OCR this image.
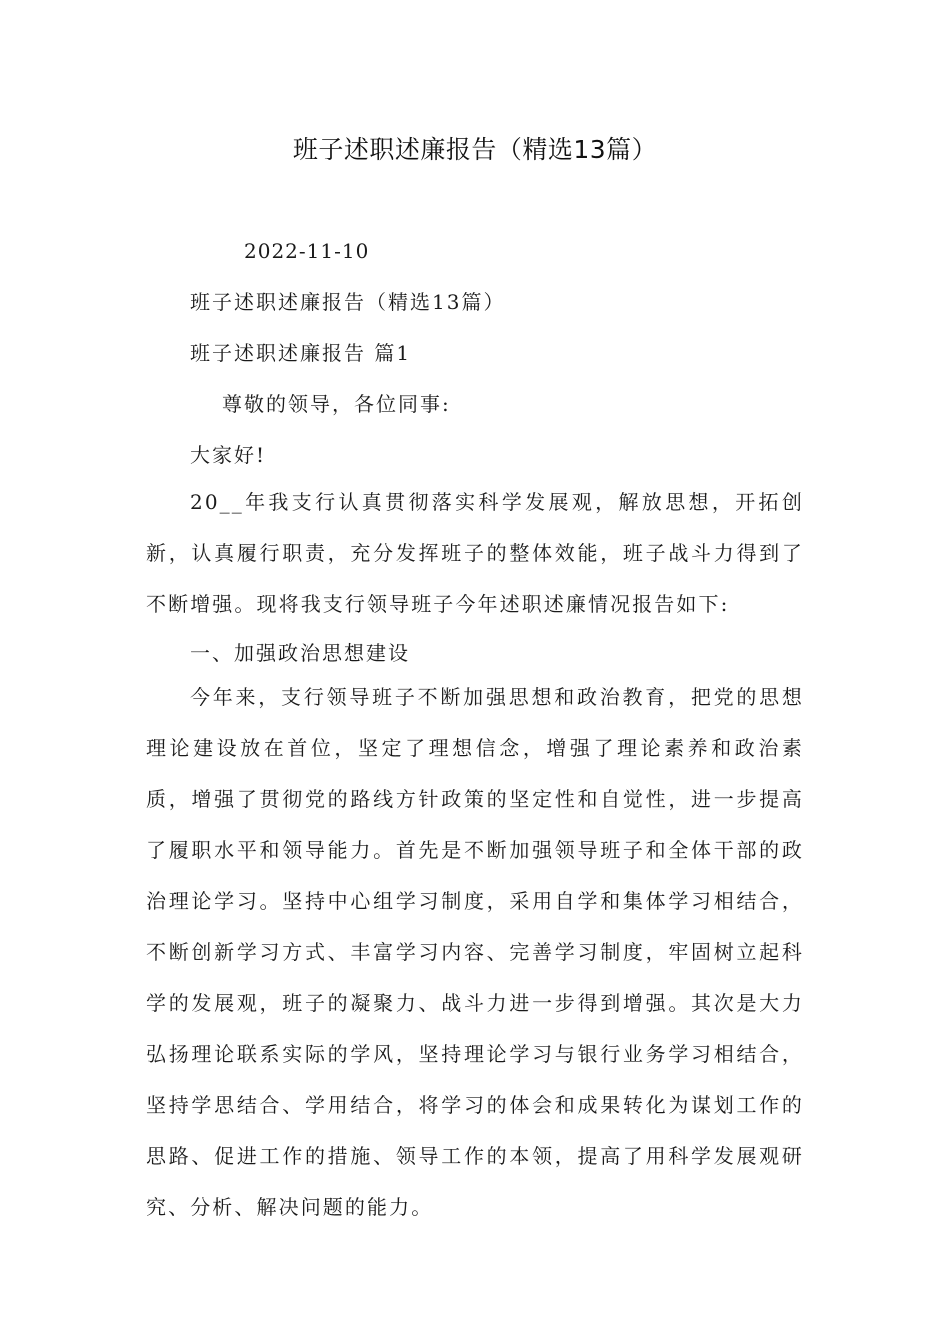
班子述职述廉报告（精选13篇）
2022-11-10
班子述职述廉报告（精选13篇）
班子述职述廉报告 篇1
尊敬的领导，各位同事:
大家好!

20__年我支行认真贯彻落实科学发展观，解放思想，开拓创新，认真履行职责，充分发挥班子的整体效能，班子战斗力得到了不断增强。现将我支行领导班子今年述职述廉情况报告如下:

一、加强政治思想建设

今年来，支行领导班子不断加强思想和政治教育，把党的思想理论建设放在首位，坚定了理想信念，增强了理论素养和政治素质，增强了贯彻党的路线方针政策的坚定性和自觉性，进一步提高了履职水平和领导能力。首先是不断加强领导班子和全体干部的政治理论学习。坚持中心组学习制度，采用自学和集体学习相结合，不断创新学习方式、丰富学习内容、完善学习制度，牢固树立起科学的发展观，班子的凝聚力、战斗力进一步得到增强。其次是大力弘扬理论联系实际的学风，坚持理论学习与银行业务学习相结合，坚持学思结合、学用结合，将学习的体会和成果转化为谋划工作的思路、促进工作的措施、领导工作的本领，提高了用科学发展观研究、分析、解决问题的能力。
